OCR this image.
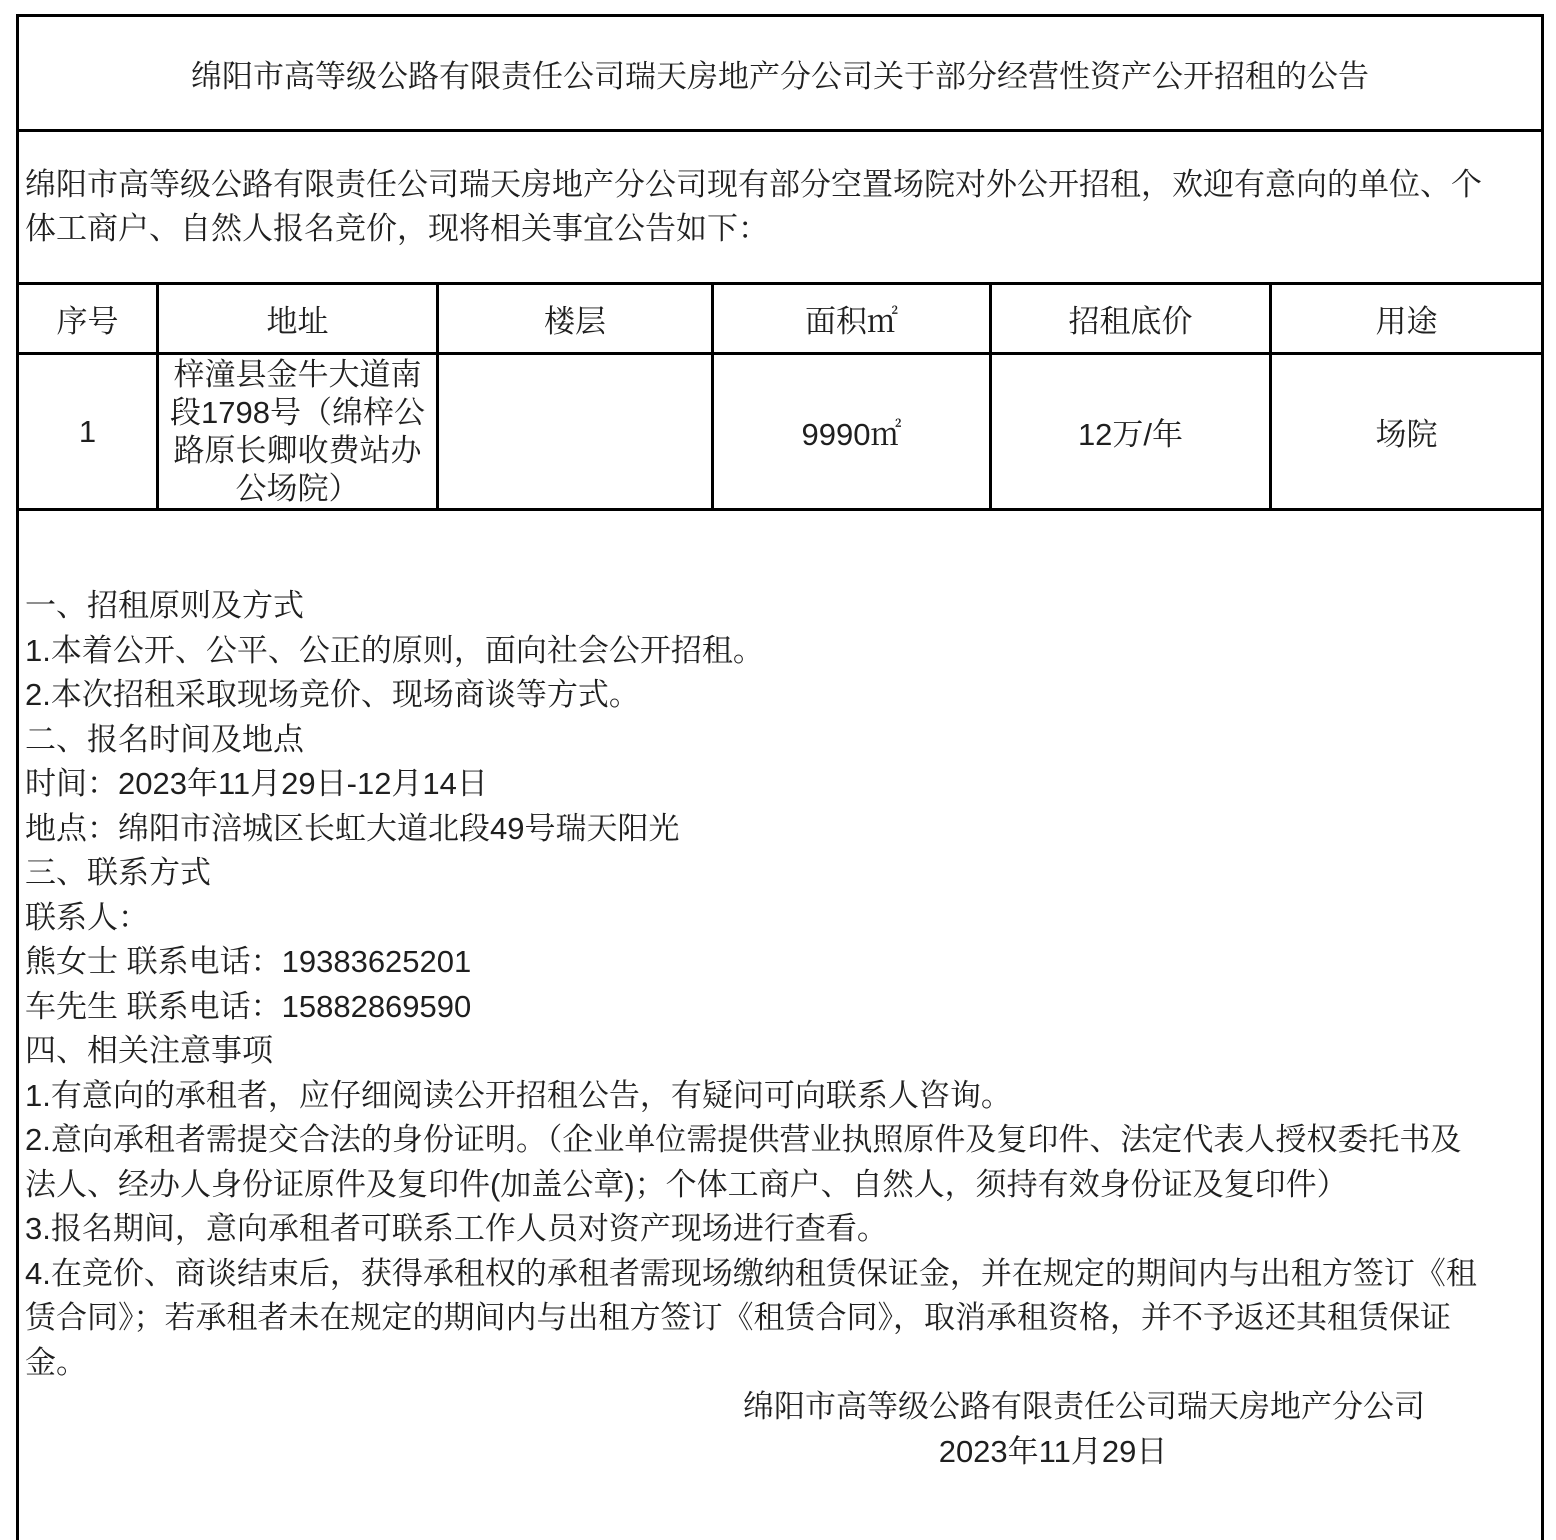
绵阳市高等级公路有限责任公司瑞天房地产分公司关于部分经营性资产公开招租的公告					

绵阳市高等级公路有限责任公司瑞天房地产分公司现有部分空置场院对外公开招租，欢迎有意向的单位、个
体工商户、自然人报名竞价，现将相关事宜公告如下：					

序号	地址	楼层	面积㎡	招租底价	用途
1	梓潼县金牛大道南
段1798号（绵梓公
路原长卿收费站办
公场院）		9990㎡	12万/年	场院

一、招租原则及方式
1.本着公开、公平、公正的原则，面向社会公开招租。
2.本次招租采取现场竞价、现场商谈等方式。
二、报名时间及地点
时间：2023年11月29日-12月14日
地点：绵阳市涪城区长虹大道北段49号瑞天阳光
三、联系方式
联系人：
熊女士 联系电话：19383625201
车先生 联系电话：15882869590
四、相关注意事项
1.有意向的承租者，应仔细阅读公开招租公告，有疑问可向联系人咨询。
2.意向承租者需提交合法的身份证明。（企业单位需提供营业执照原件及复印件、法定代表人授权委托书及
法人、经办人身份证原件及复印件(加盖公章)；个体工商户、自然人，须持有效身份证及复印件）
3.报名期间，意向承租者可联系工作人员对资产现场进行查看。
4.在竞价、商谈结束后，获得承租权的承租者需现场缴纳租赁保证金，并在规定的期间内与出租方签订《租
赁合同》；若承租者未在规定的期间内与出租方签订《租赁合同》，取消承租资格，并不予返还其租赁保证
金。
绵阳市高等级公路有限责任公司瑞天房地产分公司
2023年11月29日
